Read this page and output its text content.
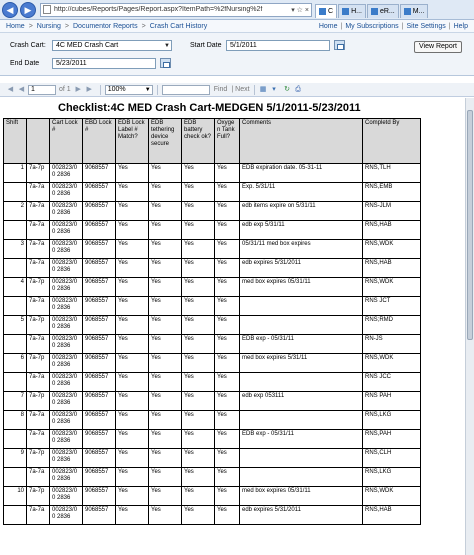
◀	▶	http://cubes/Reports/Pages/Report.aspx?ItemPath=%2fNursing%2f	▾ ☆ ×	C	H...	eR...	M...
Home > Nursing > Documentor Reports > Crash Cart History	Home | My Subscriptions | Site Settings | Help
Crash Cart:	4C MED Crash Cart	▼	Start Date	5/1/2011
End Date	5/23/2011
View Report
◀ ◀ 1	of 1 ▶ ▶	100%	▼	Find | Next ▦ ▾	↻ ⎙
Checklist:4C MED Crash Cart-MEDGEN 5/1/2011-5/23/2011
Shift		Cart Lock #	EBD Lock #	EDB Lock Label # Match?	EDB tethering device secure	EDB battery check ok?	Oxygen Tank Full?	Comments	Completd By
1	7a-7p	002823/00 2836	9068557	Yes	Yes	Yes	Yes	EDB expiration date. 05-31-11	RNS,TLH
	7a-7a	002823/00 2836	9068557	Yes	Yes	Yes	Yes	Exp. 5/31/11	RNS,EMB
2	7a-7a	002823/00 2836	9068557	Yes	Yes	Yes	Yes	edb items expire on 5/31/11	RNS-JLM
	7a-7a	002823/00 2836	9068557	Yes	Yes	Yes	Yes	edb exp 5/31/11	RNS,HAB
3	7a-7a	002823/00 2836	9068557	Yes	Yes	Yes	Yes	05/31/11 med box expires	RNS,WDK
	7a-7a	002823/00 2836	9068557	Yes	Yes	Yes	Yes	edb expires 5/31/2011	RNS,HAB
4	7a-7p	002823/00 2836	9068557	Yes	Yes	Yes	Yes	med box expires 05/31/11	RNS,WDK
	7a-7a	002823/00 2836	9068557	Yes	Yes	Yes	Yes		RNS JCT
5	7a-7p	002823/00 2836	9068557	Yes	Yes	Yes	Yes		RNS;RMD
	7a-7a	002823/00 2836	9068557	Yes	Yes	Yes	Yes	EDB exp - 05/31/11	RN-JS
6	7a-7p	002823/00 2836	9068557	Yes	Yes	Yes	Yes	med box expires 5/31/11	RNS,WDK
	7a-7a	002823/00 2836	9068557	Yes	Yes	Yes	Yes		RNS JCC
7	7a-7p	002823/00 2836	9068557	Yes	Yes	Yes	Yes	edb exp 053111	RNS PAH
8	7a-7a	002823/00 2836	9068557	Yes	Yes	Yes	Yes		RNS,LKG
	7a-7a	002823/00 2836	9068557	Yes	Yes	Yes	Yes	EDB exp - 05/31/11	RNS,PAH
9	7a-7p	002823/00 2836	9068557	Yes	Yes	Yes	Yes		RNS,CLH
	7a-7a	002823/00 2836	9068557	Yes	Yes	Yes	Yes		RNS,LKG
10	7a-7p	002823/00 2836	9068557	Yes	Yes	Yes	Yes	med box expires 05/31/11	RNS,WDK
	7a-7a	002823/00 2836	9068557	Yes	Yes	Yes	Yes	edb expires 5/31/2011	RNS,HAB
